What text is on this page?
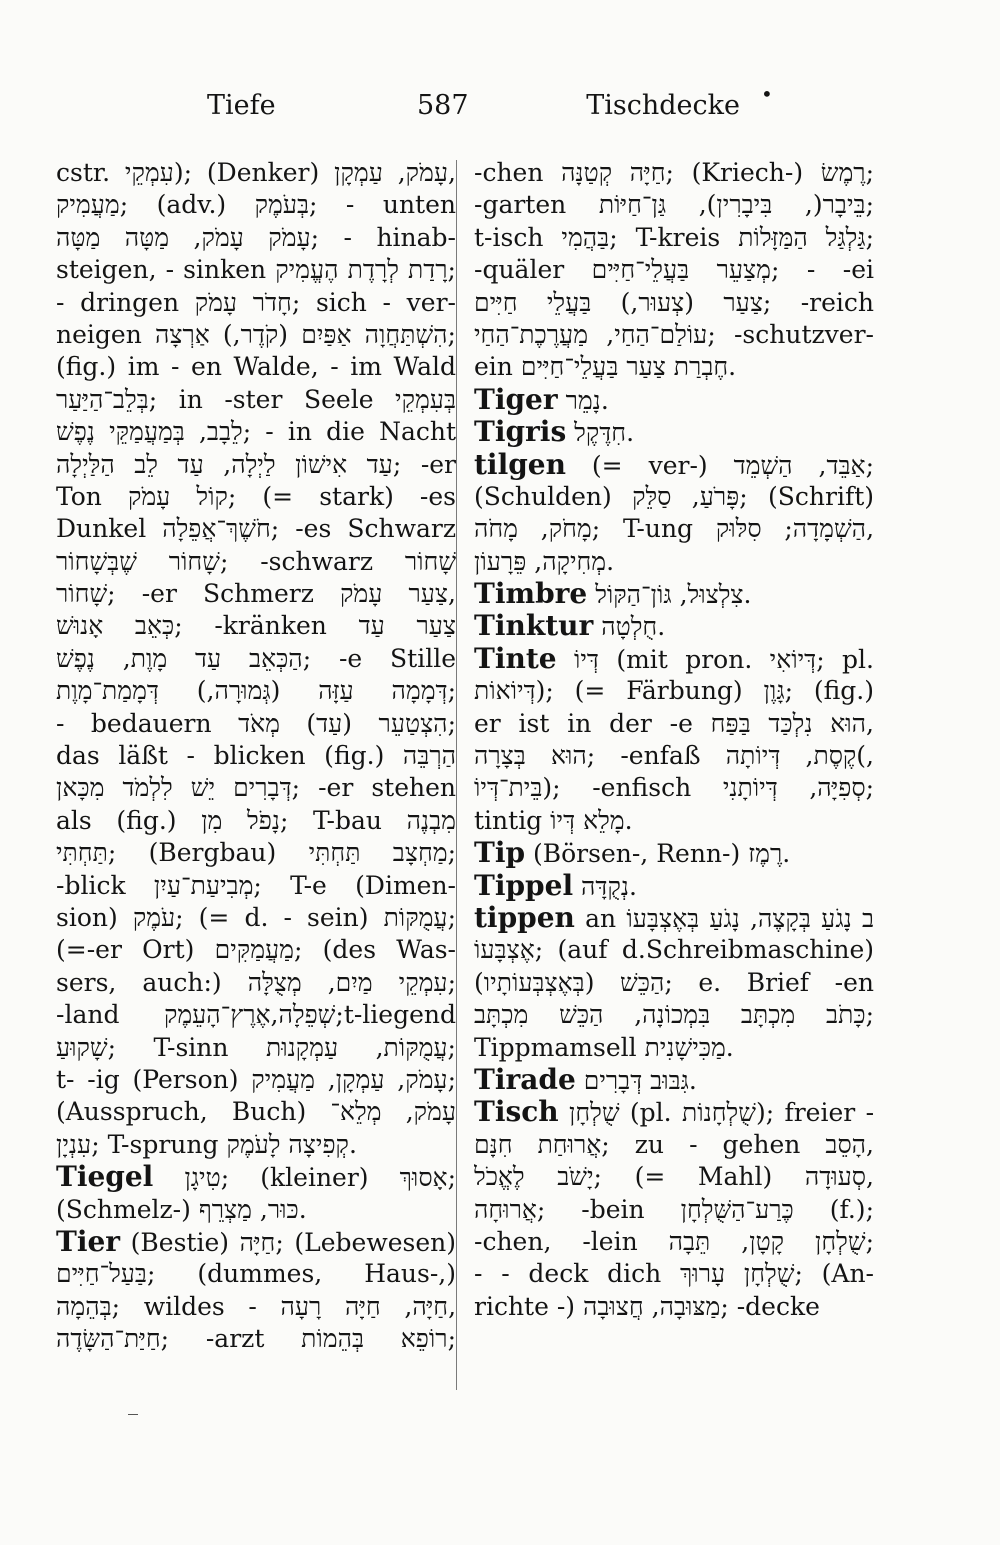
Tiefe	587	Tischdecke •
cstr. עִמְקֵי); (Denker) עָמֹק, עַמְקָן,
מַעֲמִיק; (adv.) בְּעֹמֶק; - unten
עָמֹק עָמֹק, מַטָּה מַטָּה; - hinab-
steigen, - sinken רָדַת לְרָדֶת הֶעֱמִיק;
- dringen חָדֹר עָמֹק; sich - ver-
neigen הִשְׁתַּחֲוָה אַפַּיִם (קֹדֶר,) אַרְצָה;
(fig.) im - en Walde, - im Wald
בְּלֵב־הַיַּעַר; in -ster Seele בְּעִמְקֵי
לֵבָב, בְּמַעֲמַקֵּי נֶפֶשׁ; - in die Nacht
עַד אִישׁוֹן לַיְלָה, עַד לֵב הַלַּיְלָה; -er
Ton קוֹל עָמֹק; (= stark) -es
Dunkel חֹשֶׁךְ־אֲפֵלָה; -es Schwarz
שָׁחוֹר שֶׁבְּשָׁחוֹר; -schwarz שָׁחוֹר
שָׁחוֹר; -er Schmerz צַעַר עָמֹק,
כְּאֵב אָנוּשׁ; -kränken צַעַר עַד
הַכְּאֵב עַד מָוֶת, נֶפֶשׁ; -e Stille
דְּמָמָה עַזָּה (גְּמוּרָה,) דְּמָמַת־מָוֶת;
- bedauern הִצְטַעֵר (עַד) מְאֹד;
das läßt - blicken (fig.) הַרְבֵּה
דְּבָרִים יֵשׁ לִלְמֹד מִכָּאן; -er stehen
als (fig.) נָפֹל מִן; T-bau מִבְנֶה
תַּחְתִּי; (Bergbau) מַחְצָב תַּחְתִּי;
-blick מְבִיעַת־עַיִן; T-e (Dimen-
sion) עֹמֶק; (= d. - sein) עֲמֻקּוֹת;
(=-er Ort) מַעֲמַקִּים; (des Was-
sers, auch:) עִמְקֵי מַיִם, מְצֻלָּה;
-land שְׁפֵלָה,אֶרֶץ־הָעֵמֶק;t-liegend
שָׁקוּעַ; T-sinn עֲמֻקּוֹת, עַמְקָנוּת;
t- -ig (Person) עָמֹק, עַמְקָן, מַעֲמִיק;
(Ausspruch, Buch) עָמֹק, מְלֵא־
עִנְיָן; T-sprung קְפִיצָה לָעֹמֶק.
Tiegel טִיגָן; (kleiner) אָסוּךְ;
(Schmelz-) כּוּר, מַצְרֵף.
Tier (Bestie) חַיָּה; (Lebewesen)
בַּעַל־חַיִּים; (dummes, Haus-,)
בְּהֵמָה; wildes - חַיָּה, חַיָּה רָעָה,
חַיַּת־הַשָּׂדֶה; -arzt רוֹפֵא בְּהֵמוֹת;
-chen חַיָּה קְטַנָּה; (Kriech-) רֶמֶשׂ;
-garten בֵּיבָר(, בִּיבָרִין), גַּן־חַיּוֹת;
t-isch בַּהֲמִי; T-kreis גַּלְגַּל הַמַּזָּלוֹת;
-quäler מְצַעֵר בַּעֲלֵי־חַיִּים; - -ei
צַעַר (צְעוּר,) בַּעֲלֵי חַיִּים; -reich
עוֹלַם־הַחַי, מַעֲרֶכֶת־הַחַי; -schutzver-
ein חֶבְרַת צַעַר בַּעֲלֵי־חַיִּים.
Tiger נָמֵר.
Tigris חִדֶּקֶל.
tilgen (= ver-) אַבֵּד, הַשְׁמֵד;
(Schulden) פָּרֹעַ, סַלֵּק; (Schrift)
מָחֹק, מָחֹה; T-ung הַשְׁמָדָה; סִלּוּק,
מְחִיקָה, פֵּרָעוֹן.
Timbre צִלְצוּל, גּוֹן־הַקּוֹל.
Tinktur חֻלְטָה.
Tinte דְּיוֹ (mit pron. דְּיוֹאִי; pl.
דְּיוֹאוֹת); (= Färbung) גָּוֶן; (fig.)
er ist in der -e הוּא נִלְכַּד בַּפַּח,
הוּא בְּצָרָה; -enfaß קֶסֶת, דְּיוֹתָה(,
בֵּית־דְּיוֹ); -enfisch סְפִיָּה, דְּיוֹתָנִי;
tintig מָלֵא דְּיוֹ.
Tip (Börsen-, Renn-) רֶמֶז.
Tippel נְקֻדָּה.
tippen an ב נָגֹעַ בְּקָצֶה, נָגֹעַ בְּאֶצְבָּעוֹ
אֶצְבָּעוֹ; (auf d.Schreibmaschine)
הַכֵּשׁ (בְּאֶצְבְּעוֹתָיו); e. Brief -en
כָּתֹב מִכְתָּב בִּמְכוֹנָה, הַכֵּשׁ מִכְתָּב;
Tippmamsell מַכִּישָׁנִית.
Tirade גִּבּוּב דְּבָרִים.
Tisch שֻׁלְחָן (pl. שֻׁלְחָנוֹת); freier -
אֲרוּחַת חִנָּם; zu - gehen הָסֵב,
יָשֹׁב לֶאֱכֹל; (= Mahl) סְעוּדָה,
אֲרוּחָה; -bein כֶּרַע־הַשֻּׁלְחָן (f.);
-chen, -lein שֻׁלְחָן קָטָן, תֵּבָה;
- - deck dich שֻׁלְחָן עָרוּךְ; (An-
richte -) מַצּוּבָה, חֲצוּבָה; -decke
